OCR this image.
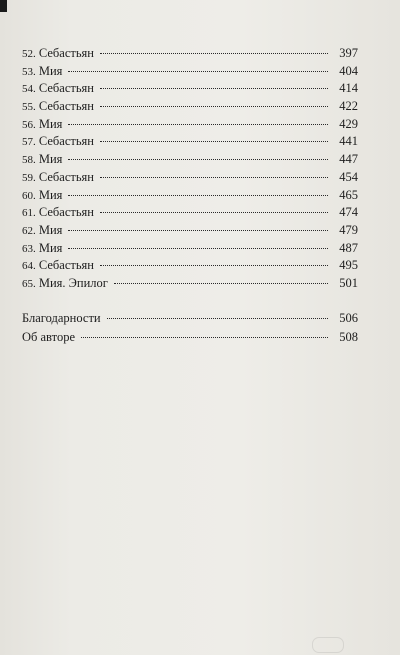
52. Себастьян	397
53. Мия	404
54. Себастьян	414
55. Себастьян	422
56. Мия	429
57. Себастьян	441
58. Мия	447
59. Себастьян	454
60. Мия	465
61. Себастьян	474
62. Мия	479
63. Мия	487
64. Себастьян	495
65. Мия. Эпилог	501
Благодарности	506
Об авторе	508
